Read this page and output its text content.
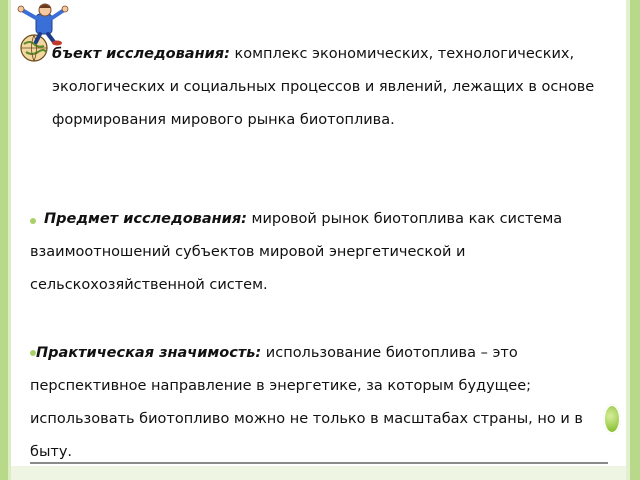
бъект исследования: комплекс экономических, технологических, экологических и социальных процессов и явлений, лежащих в основе формирования мирового рынка биотоплива.
Предмет исследования: мировой рынок биотоплива как система взаимоотношений субъектов мировой энергетической и сельскохозяйственной систем.
Практическая значимость: использование биотоплива – это перспективное направление в энергетике, за которым будущее; использовать биотопливо можно не только в масштабах страны, но и в быту.
